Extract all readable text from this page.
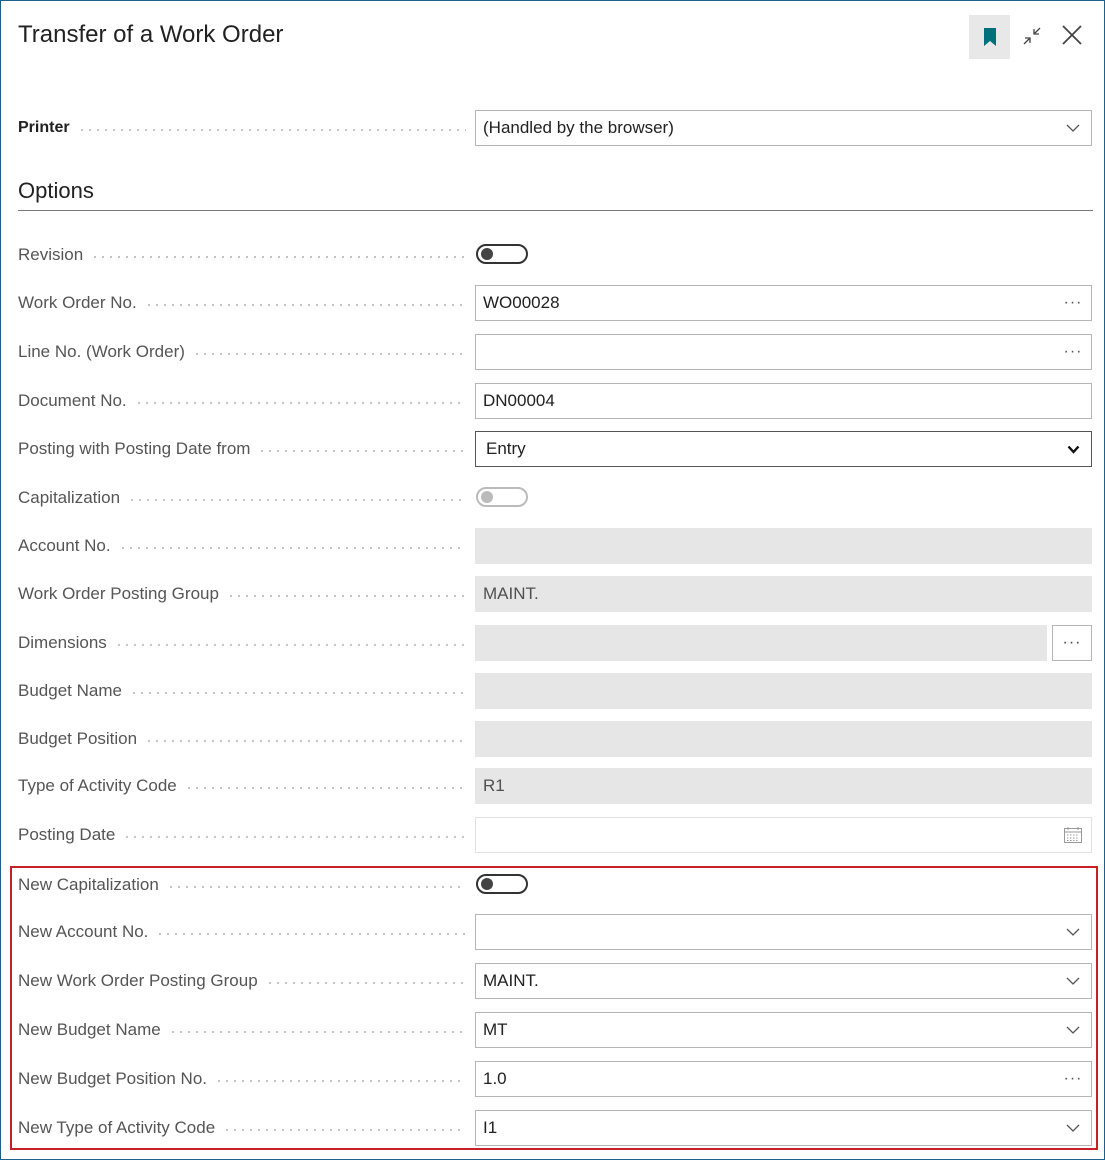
Transfer of a Work Order
Printer	(Handled by the browser)
Options
Revision
Work Order No.	WO00028	···
Line No. (Work Order)	···
Document No.	DN00004
Posting with Posting Date from	Entry
Capitalization
Account No.
Work Order Posting Group	MAINT.
Dimensions	···
Budget Name
Budget Position
Type of Activity Code	R1
Posting Date
New Capitalization
New Account No.
New Work Order Posting Group	MAINT.
New Budget Name	MT
New Budget Position No.	1.0	···
New Type of Activity Code	I1
